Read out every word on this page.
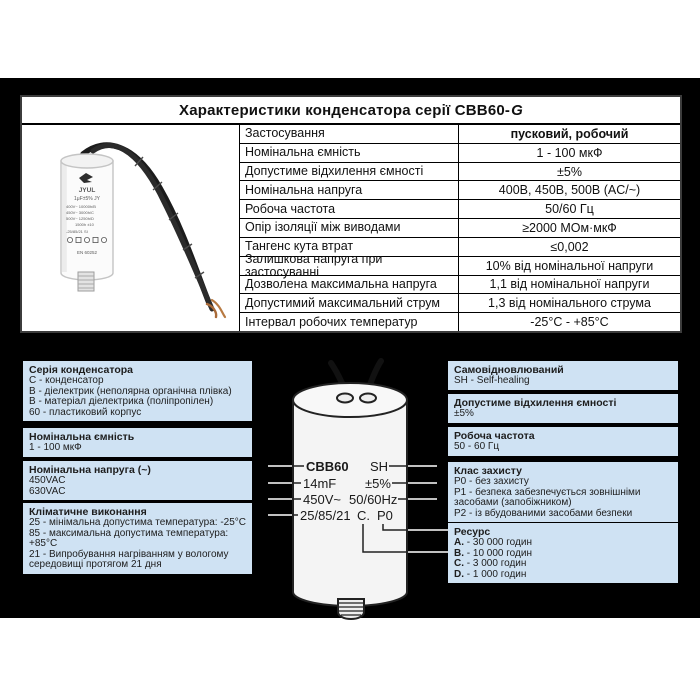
Характеристики конденсатора серії CBB60- G
Застосування	пусковий, робочий
Номінальна ємність	1 - 100 мкФ
Допустиме відхилення ємності	±5%
Номінальна напруга	400В, 450В, 500В (AC/~)
Робоча частота	50/60 Гц
Опір ізоляції між виводами	≥2000 МОм·мкФ
Тангенс кута втрат	≤0,002
Залишкова напруга при застосуванні	10% від номінальної напруги
Дозволена максимальна напруга	1,1 від номінальної напруги
Допустимий максимальний струм	1,3 від номінального струма
Інтервал робочих температур	-25°C - +85°C
JYUL
1μF±5% JY
400V~ 10000h/B
450V~ 3000h/C
500V~ 1250h/D
1500h ±10
-25/85/21 SI
EN 60252
CBB60 SH
14mF ±5%
450V~ 50/60Hz
25/85/21 C. P0
Серія конденсатора
С - конденсатор
В - діелектрик (неполярна органічна плівка)
В - матеріал діелектрика (поліпропілен)
60 - пластиковий корпус
Номінальна ємність
1 - 100 мкФ
Номінальна напруга (~)
450VAC
630VAC
Кліматичне виконання
25 - мінімальна допустима температура: -25°C
85 - максимальна допустима температура: +85°C
21 - Випробування нагріванням у вологому середовищі протягом 21 дня
Самовідновлюваний
SH - Self-healing
Допустиме відхилення ємності
±5%
Робоча частота
50 - 60 Гц
Клас захисту
P0 - без захисту
P1 - безпека забезпечується зовнішніми засобами (запобіжником)
P2 - із вбудованими засобами безпеки
Ресурс
A. - 30 000 годин
B. - 10 000 годин
C. - 3 000 годин
D. - 1 000 годин
